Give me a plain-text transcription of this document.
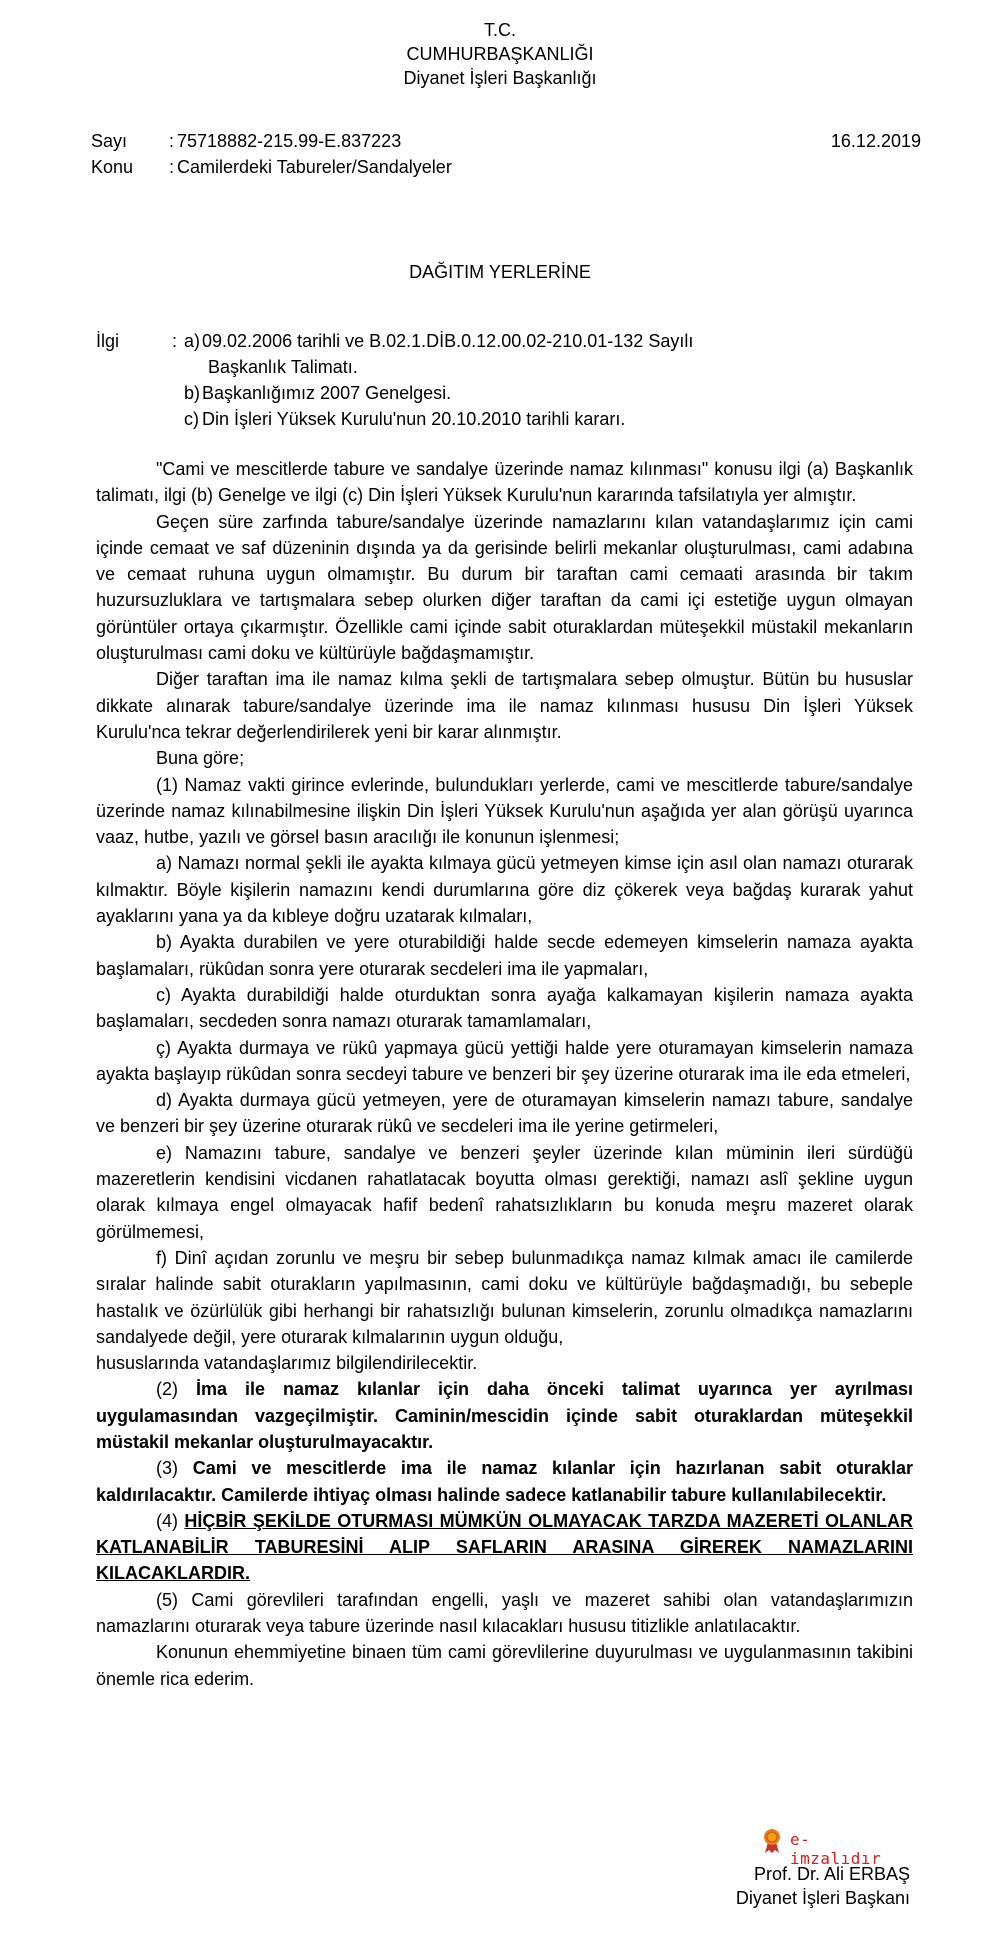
T.C.
CUMHURBAŞKANLIĞI
Diyanet İşleri Başkanlığı
Sayı : 75718882-215.99-E.837223	16.12.2019
Konu : Camilerdeki Tabureler/Sandalyeler
DAĞITIM YERLERİNE
İlgi	: a) 09.02.2006 tarihli ve B.02.1.DİB.0.12.00.02-210.01-132 Sayılı
Başkanlık Talimatı.
b) Başkanlığımız 2007 Genelgesi.
c) Din İşleri Yüksek Kurulu'nun 20.10.2010 tarihli kararı.

"Cami ve mescitlerde tabure ve sandalye üzerinde namaz kılınması" konusu ilgi (a) Başkanlık talimatı, ilgi (b) Genelge ve ilgi (c) Din İşleri Yüksek Kurulu'nun kararında tafsilatıyla yer almıştır.

Geçen süre zarfında tabure/sandalye üzerinde namazlarını kılan vatandaşlarımız için cami içinde cemaat ve saf düzeninin dışında ya da gerisinde belirli mekanlar oluşturulması, cami adabına ve cemaat ruhuna uygun olmamıştır. Bu durum bir taraftan cami cemaati arasında bir takım huzursuzluklara ve tartışmalara sebep olurken diğer taraftan da cami içi estetiğe uygun olmayan görüntüler ortaya çıkarmıştır. Özellikle cami içinde sabit oturaklardan müteşekkil müstakil mekanların oluşturulması cami doku ve kültürüyle bağdaşmamıştır.

Diğer taraftan ima ile namaz kılma şekli de tartışmalara sebep olmuştur. Bütün bu hususlar dikkate alınarak tabure/sandalye üzerinde ima ile namaz kılınması hususu Din İşleri Yüksek Kurulu'nca tekrar değerlendirilerek yeni bir karar alınmıştır.

Buna göre;

(1) Namaz vakti girince evlerinde, bulundukları yerlerde, cami ve mescitlerde tabure/sandalye üzerinde namaz kılınabilmesine ilişkin Din İşleri Yüksek Kurulu'nun aşağıda yer alan görüşü uyarınca vaaz, hutbe, yazılı ve görsel basın aracılığı ile konunun işlenmesi;

a) Namazı normal şekli ile ayakta kılmaya gücü yetmeyen kimse için asıl olan namazı oturarak kılmaktır. Böyle kişilerin namazını kendi durumlarına göre diz çökerek veya bağdaş kurarak yahut ayaklarını yana ya da kıbleye doğru uzatarak kılmaları,

b) Ayakta durabilen ve yere oturabildiği halde secde edemeyen kimselerin namaza ayakta başlamaları, rükûdan sonra yere oturarak secdeleri ima ile yapmaları,

c) Ayakta durabildiği halde oturduktan sonra ayağa kalkamayan kişilerin namaza ayakta başlamaları, secdeden sonra namazı oturarak tamamlamaları,

ç) Ayakta durmaya ve rükû yapmaya gücü yettiği halde yere oturamayan kimselerin namaza ayakta başlayıp rükûdan sonra secdeyi tabure ve benzeri bir şey üzerine oturarak ima ile eda etmeleri,

d) Ayakta durmaya gücü yetmeyen, yere de oturamayan kimselerin namazı tabure, sandalye ve benzeri bir şey üzerine oturarak rükû ve secdeleri ima ile yerine getirmeleri,

e) Namazını tabure, sandalye ve benzeri şeyler üzerinde kılan müminin ileri sürdüğü mazeretlerin kendisini vicdanen rahatlatacak boyutta olması gerektiği, namazı aslî şekline uygun olarak kılmaya engel olmayacak hafif bedenî rahatsızlıkların bu konuda meşru mazeret olarak görülmemesi,

f) Dinî açıdan zorunlu ve meşru bir sebep bulunmadıkça namaz kılmak amacı ile camilerde sıralar halinde sabit oturakların yapılmasının, cami doku ve kültürüyle bağdaşmadığı, bu sebeple hastalık ve özürlülük gibi herhangi bir rahatsızlığı bulunan kimselerin, zorunlu olmadıkça namazlarını sandalyede değil, yere oturarak kılmalarının uygun olduğu,

hususlarında vatandaşlarımız bilgilendirilecektir.

(2) İma ile namaz kılanlar için daha önceki talimat uyarınca yer ayrılması uygulamasından vazgeçilmiştir. Caminin/mescidin içinde sabit oturaklardan müteşekkil müstakil mekanlar oluşturulmayacaktır.

(3) Cami ve mescitlerde ima ile namaz kılanlar için hazırlanan sabit oturaklar kaldırılacaktır. Camilerde ihtiyaç olması halinde sadece katlanabilir tabure kullanılabilecektir.

(4) HİÇBİR ŞEKİLDE OTURMASI MÜMKÜN OLMAYACAK TARZDA MAZERETİ OLANLAR KATLANABİLİR TABURESİNİ ALIP SAFLARIN ARASINA GİREREK NAMAZLARINI KILACAKLARDIR.

(5) Cami görevlileri tarafından engelli, yaşlı ve mazeret sahibi olan vatandaşlarımızın namazlarını oturarak veya tabure üzerinde nasıl kılacakları hususu titizlikle anlatılacaktır.

Konunun ehemmiyetine binaen tüm cami görevlilerine duyurulması ve uygulanmasının takibini önemle rica ederim.

e-imzalıdır
Prof. Dr. Ali ERBAŞ
Diyanet İşleri Başkanı
